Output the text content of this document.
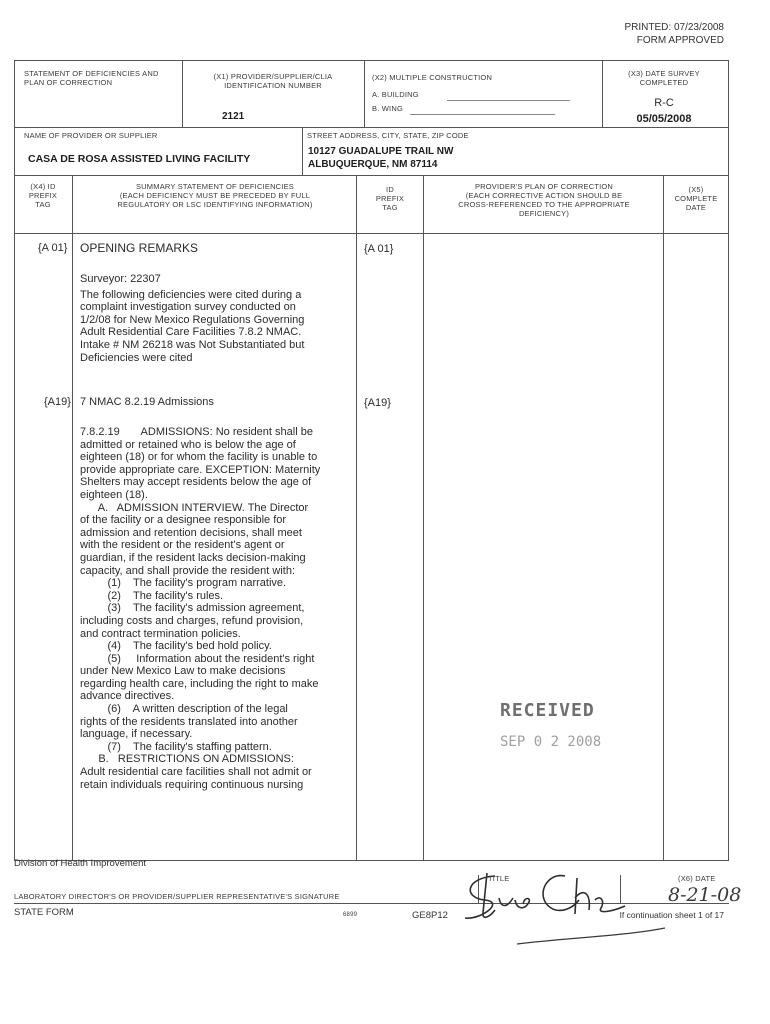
PRINTED: 07/23/2008
FORM APPROVED
STATEMENT OF DEFICIENCIES AND PLAN OF CORRECTION
(X1) PROVIDER/SUPPLIER/CLIA IDENTIFICATION NUMBER
2121
(X2) MULTIPLE CONSTRUCTION
A. BUILDING
B. WING
(X3) DATE SURVEY COMPLETED
R-C
05/05/2008
NAME OF PROVIDER OR SUPPLIER
CASA DE ROSA ASSISTED LIVING FACILITY
STREET ADDRESS, CITY, STATE, ZIP CODE
10127 GUADALUPE TRAIL NW
ALBUQUERQUE, NM 87114
(X4) ID
PREFIX
TAG
SUMMARY STATEMENT OF DEFICIENCIES
(EACH DEFICIENCY MUST BE PRECEDED BY FULL
REGULATORY OR LSC IDENTIFYING INFORMATION)
ID
PREFIX
TAG
PROVIDER'S PLAN OF CORRECTION
(EACH CORRECTIVE ACTION SHOULD BE
CROSS-REFERENCED TO THE APPROPRIATE
DEFICIENCY)
(X5)
COMPLETE
DATE
{A 01} OPENING REMARKS	{A 01}
Surveyor: 22307
The following deficiencies were cited during a
complaint investigation survey conducted on
1/2/08 for New Mexico Regulations Governing
Adult Residential Care Facilities 7.8.2 NMAC.
Intake # NM 26218 was Not Substantiated but
Deficiencies were cited
{A19} 7 NMAC 8.2.19 Admissions	{A19}
7.8.2.19       ADMISSIONS: No resident shall be
admitted or retained who is below the age of
eighteen (18) or for whom the facility is unable to
provide appropriate care. EXCEPTION: Maternity
Shelters may accept residents below the age of
eighteen (18).
A.   ADMISSION INTERVIEW. The Director
of the facility or a designee responsible for
admission and retention decisions, shall meet
with the resident or the resident's agent or
guardian, if the resident lacks decision-making
capacity, and shall provide the resident with:
(1)    The facility's program narrative.
(2)    The facility's rules.
(3)    The facility's admission agreement,
including costs and charges, refund provision,
and contract termination policies.
(4)    The facility's bed hold policy.
(5)     Information about the resident's right
under New Mexico Law to make decisions
regarding health care, including the right to make
advance directives.
(6)    A written description of the legal
rights of the residents translated into another
language, if necessary.
(7)    The facility's staffing pattern.
B.   RESTRICTIONS ON ADMISSIONS:
Adult residential care facilities shall not admit or
retain individuals requiring continuous nursing
RECEIVED
SEP 0 2 2008
Division of Health Improvement
LABORATORY DIRECTOR'S OR PROVIDER/SUPPLIER REPRESENTATIVE'S SIGNATURE
TITLE	(X6) DATE
8-21-08
STATE FORM	6899	GE8P12	If continuation sheet 1 of 17
